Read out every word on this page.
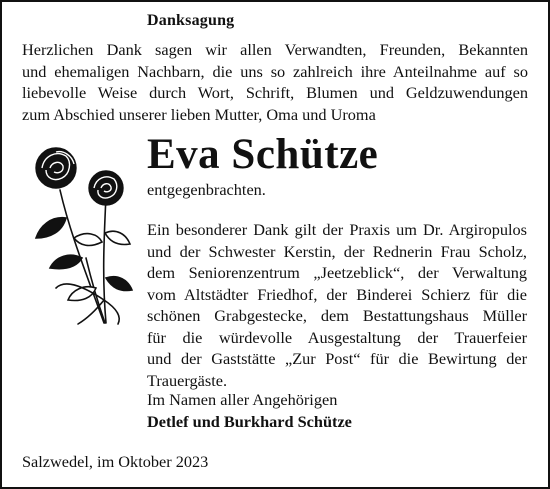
Danksagung
Herzlichen Dank sagen wir allen Verwandten, Freunden, Bekannten
und ehemaligen Nachbarn, die uns so zahlreich ihre Anteilnahme auf so
liebevolle Weise durch Wort, Schrift, Blumen und Geldzuwendungen
zum Abschied unserer lieben Mutter, Oma und Uroma
Eva Schütze
entgegenbrachten.
Ein besonderer Dank gilt der Praxis um Dr. Argiropulos
und der Schwester Kerstin, der Rednerin Frau Scholz,
dem Seniorenzentrum „Jeetzeblick“, der Verwaltung
vom Altstädter Friedhof, der Binderei Schierz für die
schönen Grabgestecke, dem Bestattungshaus Müller
für die würdevolle Ausgestaltung der Trauerfeier
und der Gaststätte „Zur Post“ für die Bewirtung der
Trauergäste.
Im Namen aller Angehörigen
Detlef und Burkhard Schütze
Salzwedel, im Oktober 2023
